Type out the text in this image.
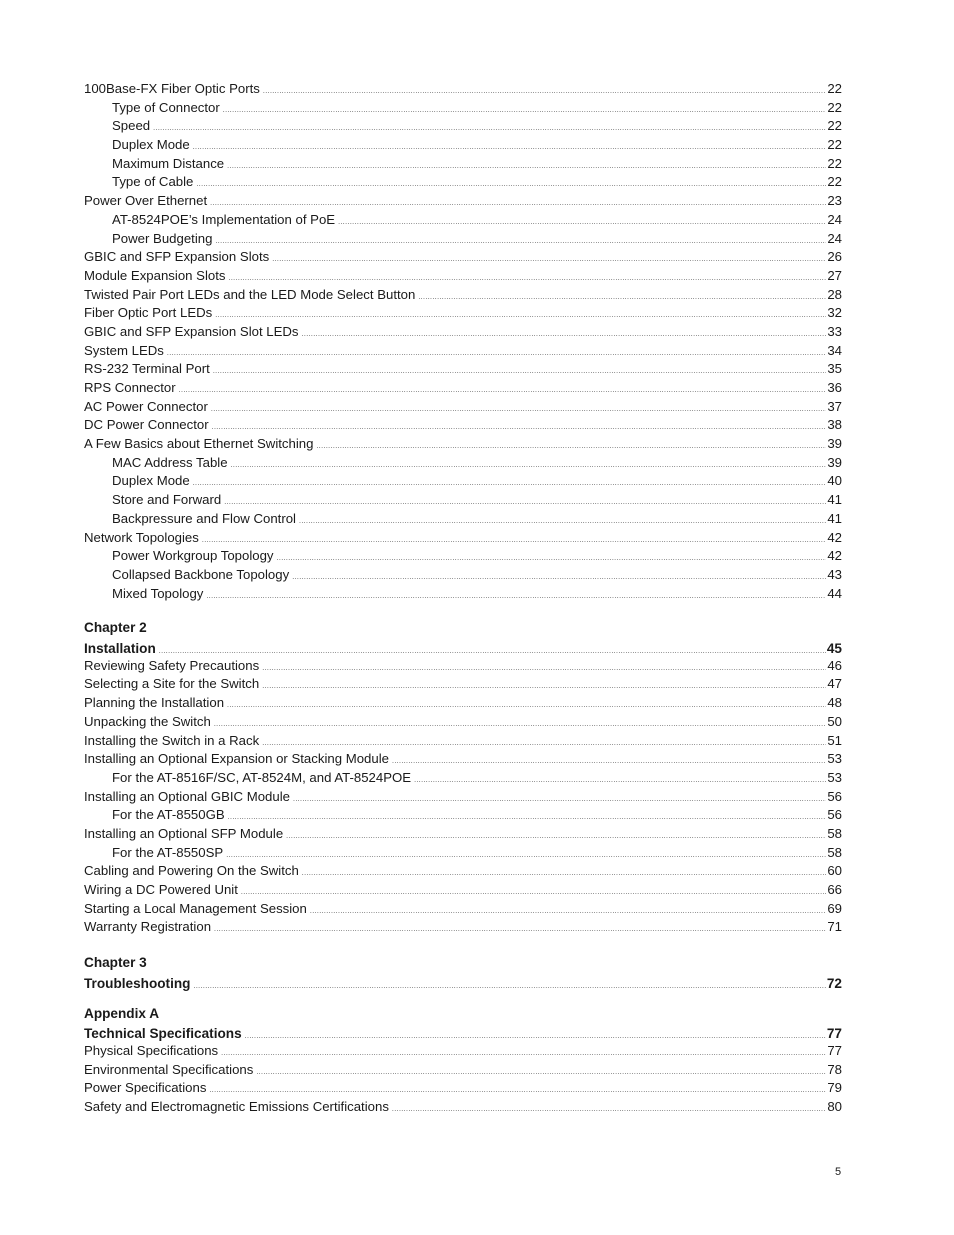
100Base-FX Fiber Optic Ports .....	22
Type of Connector .....	22
Speed .....	22
Duplex Mode .....	22
Maximum Distance .....	22
Type of Cable .....	22
Power Over Ethernet .....	23
AT-8524POE’s Implementation of PoE .....	24
Power Budgeting .....	24
GBIC and SFP Expansion Slots .....	26
Module Expansion Slots .....	27
Twisted Pair Port LEDs and the LED Mode Select Button .....	28
Fiber Optic Port LEDs .....	32
GBIC and SFP Expansion Slot LEDs .....	33
System LEDs .....	34
RS-232 Terminal Port .....	35
RPS Connector .....	36
AC Power Connector .....	37
DC Power Connector .....	38
A Few Basics about Ethernet Switching .....	39
MAC Address Table .....	39
Duplex Mode .....	40
Store and Forward .....	41
Backpressure and Flow Control .....	41
Network Topologies .....	42
Power Workgroup Topology .....	42
Collapsed Backbone Topology .....	43
Mixed Topology .....	44
Chapter 2
Installation .....	45
Reviewing Safety Precautions .....	46
Selecting a Site for the Switch .....	47
Planning the Installation .....	48
Unpacking the Switch .....	50
Installing the Switch in a Rack .....	51
Installing an Optional Expansion or Stacking Module .....	53
For the AT-8516F/SC, AT-8524M, and AT-8524POE .....	53
Installing an Optional GBIC Module .....	56
For the AT-8550GB .....	56
Installing an Optional SFP Module .....	58
For the AT-8550SP .....	58
Cabling and Powering On the Switch .....	60
Wiring a DC Powered Unit .....	66
Starting a Local Management Session .....	69
Warranty Registration .....	71
Chapter 3
Troubleshooting .....	72
Appendix A
Technical Specifications .....	77
Physical Specifications .....	77
Environmental Specifications .....	78
Power Specifications .....	79
Safety and Electromagnetic Emissions Certifications .....	80
5
